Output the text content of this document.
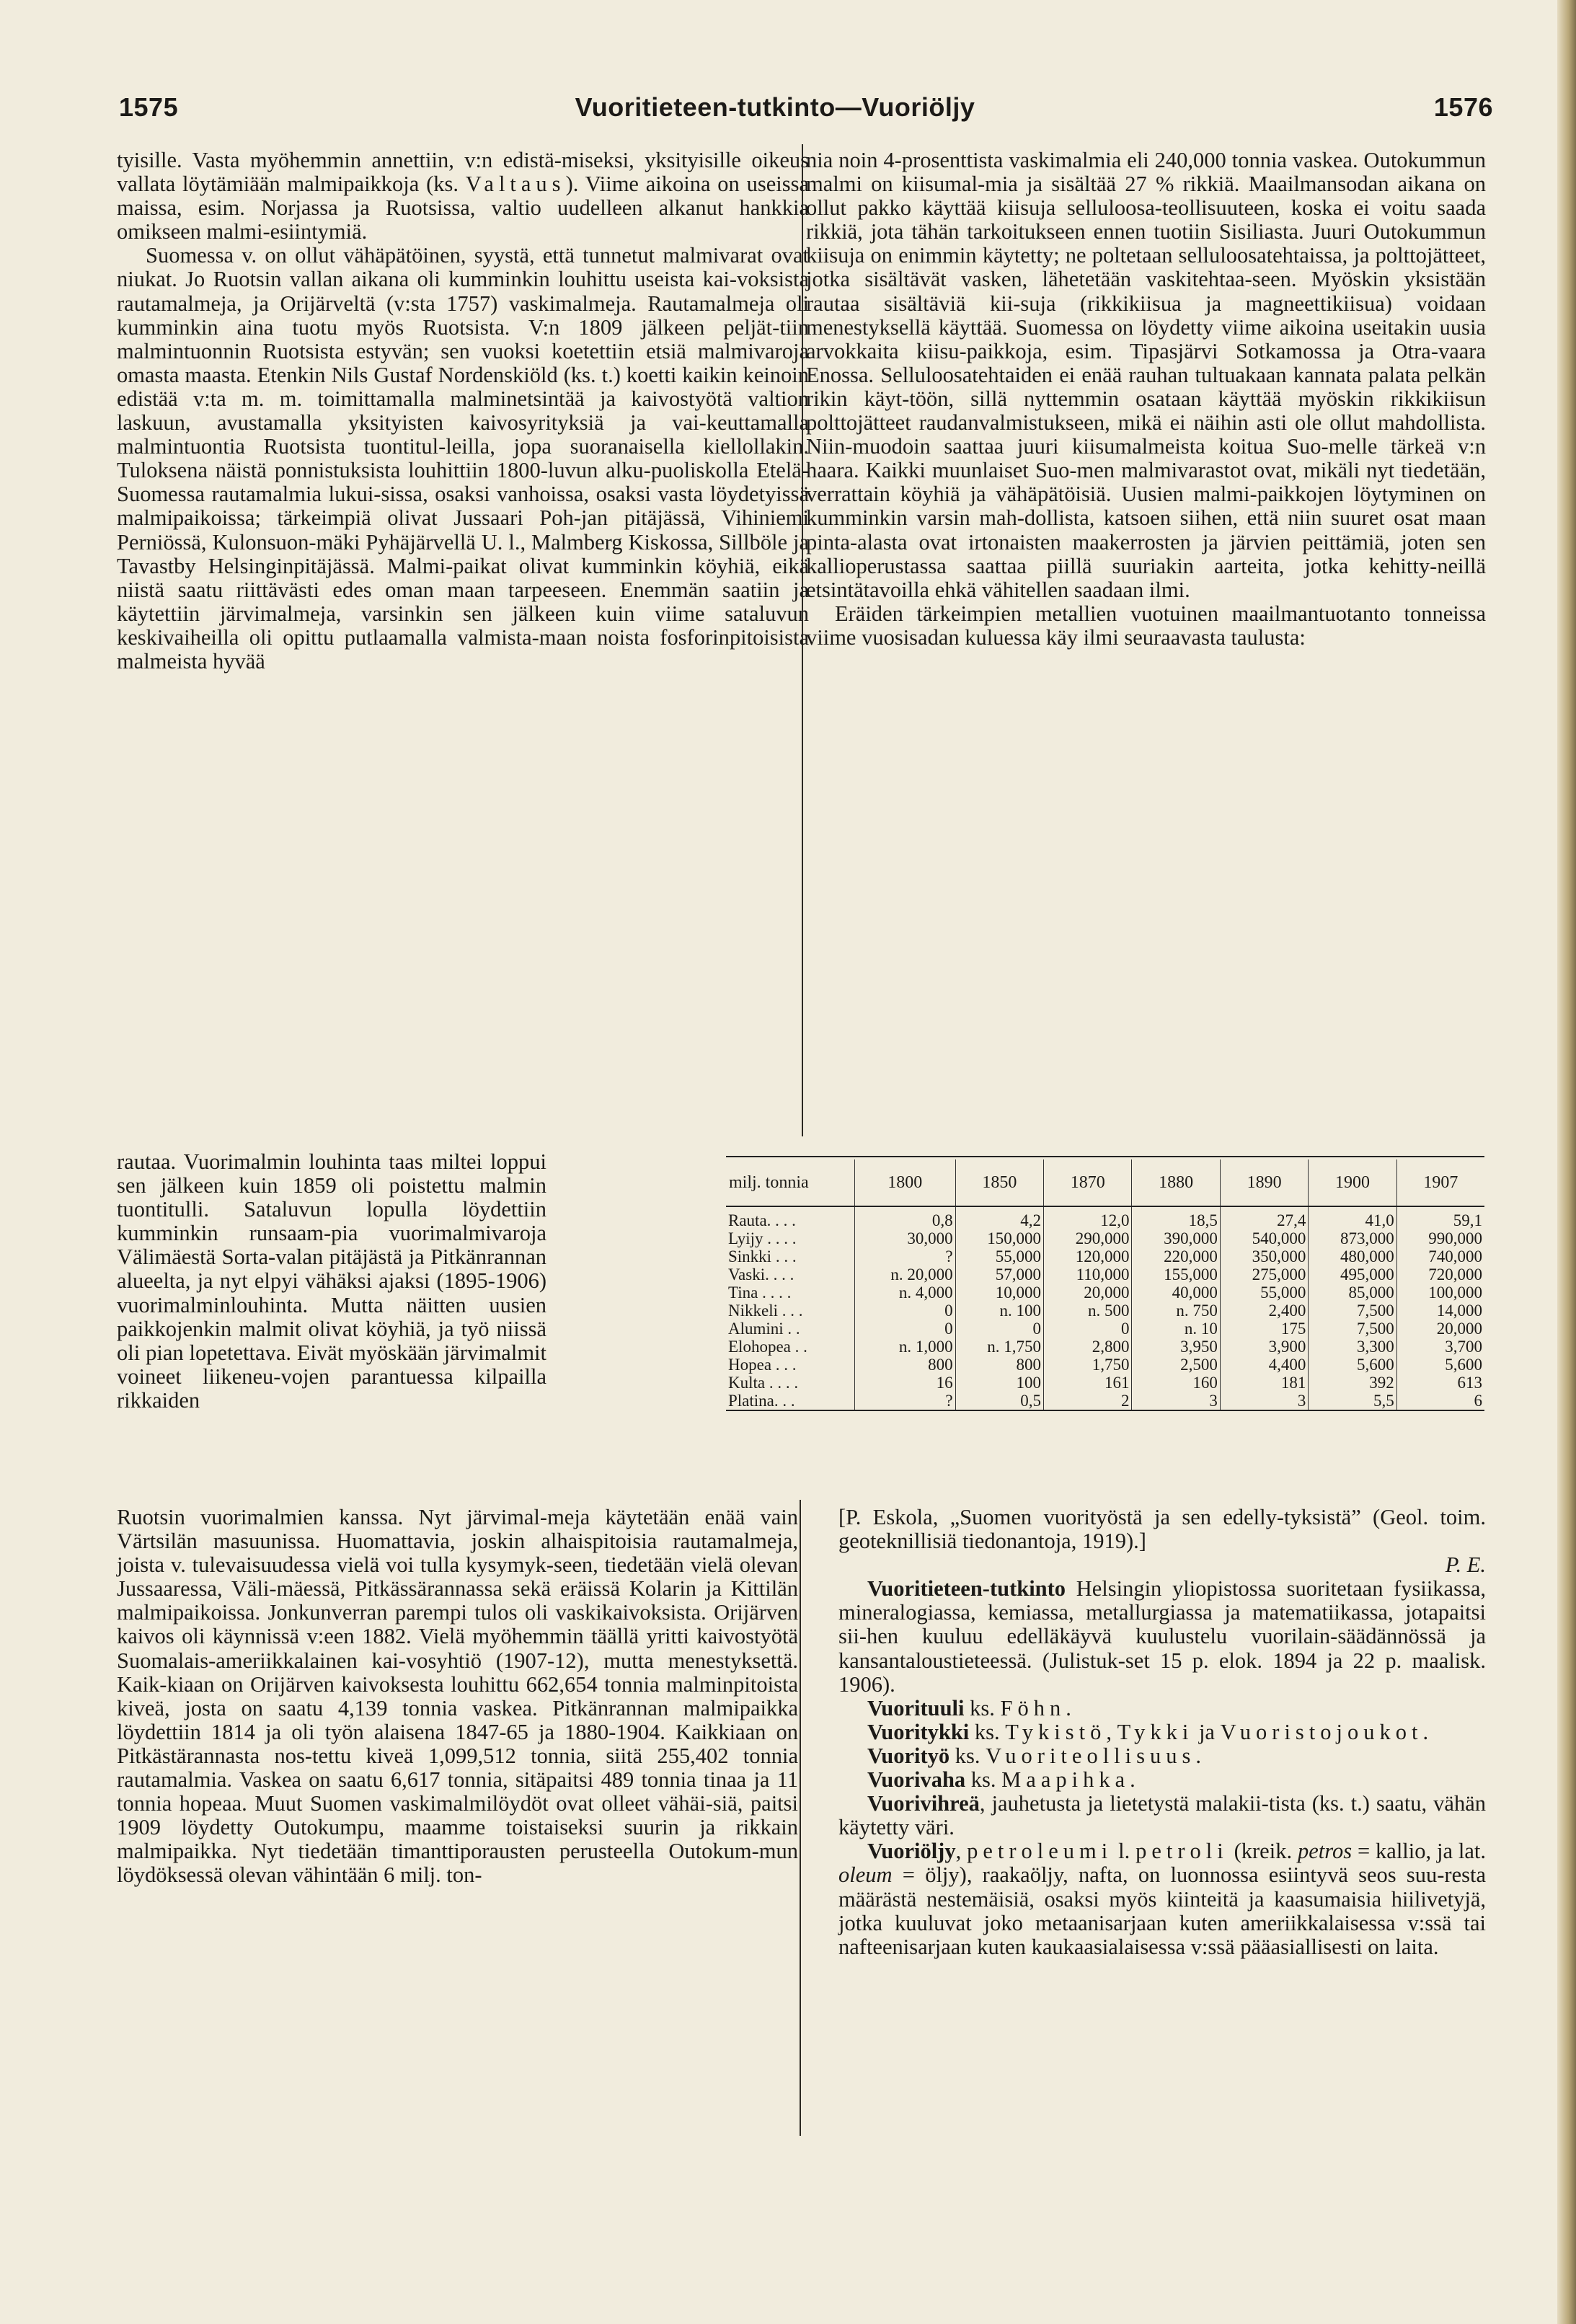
1575	Vuoritieteen-tutkinto—Vuoriöljy	1576

tyisille. Vasta myöhemmin annettiin, v:n edistä-miseksi, yksityisille oikeus vallata löytämiään malmipaikkoja (ks. Valtaus). Viime aikoina on useissa maissa, esim. Norjassa ja Ruotsissa, valtio uudelleen alkanut hankkia omikseen malmi-esiintymiä.

Suomessa v. on ollut vähäpätöinen, syystä, että tunnetut malmivarat ovat niukat. Jo Ruotsin vallan aikana oli kumminkin louhittu useista kai-voksista rautamalmeja, ja Orijärveltä (v:sta 1757) vaskimalmeja. Rautamalmeja oli kumminkin aina tuotu myös Ruotsista. V:n 1809 jälkeen peljät-tiin malmintuonnin Ruotsista estyvän; sen vuoksi koetettiin etsiä malmivaroja omasta maasta. Etenkin Nils Gustaf Nordenskiöld (ks. t.) koetti kaikin keinoin edistää v:ta m. m. toimittamalla malminetsintää ja kaivostyötä valtion laskuun, avustamalla yksityisten kaivosyrityksiä ja vai-keuttamalla malmintuontia Ruotsista tuontitul-leilla, jopa suoranaisella kiellollakin. Tuloksena näistä ponnistuksista louhittiin 1800-luvun alku-puoliskolla Etelä-Suomessa rautamalmia lukui-sissa, osaksi vanhoissa, osaksi vasta löydetyissä malmipaikoissa; tärkeimpiä olivat Jussaari Poh-jan pitäjässä, Vihiniemi Perniössä, Kulonsuon-mäki Pyhäjärvellä U. l., Malmberg Kiskossa, Sillböle ja Tavastby Helsinginpitäjässä. Malmi-paikat olivat kumminkin köyhiä, eikä niistä saatu riittävästi edes oman maan tarpeeseen. Enemmän saatiin ja käytettiin järvimalmeja, varsinkin sen jälkeen kuin viime sataluvun keskivaiheilla oli opittu putlaamalla valmista-maan noista fosforinpitoisista malmeista hyvää

rautaa. Vuorimalmin louhinta taas miltei loppui sen jälkeen kuin 1859 oli poistettu malmin tuontitulli. Sataluvun lopulla löydettiin kumminkin runsaam-pia vuorimalmivaroja Välimäestä Sorta-valan pitäjästä ja Pitkänrannan alueelta, ja nyt elpyi vähäksi ajaksi (1895-1906) vuorimalminlouhinta. Mutta näitten uusien paikkojenkin malmit olivat köyhiä, ja työ niissä oli pian lopetettava. Eivät myöskään järvimalmit voineet liikeneu-vojen parantuessa kilpailla rikkaiden

Ruotsin vuorimalmien kanssa. Nyt järvimal-meja käytetään enää vain Värtsilän masuunissa. Huomattavia, joskin alhaispitoisia rautamalmeja, joista v. tulevaisuudessa vielä voi tulla kysymyk-seen, tiedetään vielä olevan Jussaaressa, Väli-mäessä, Pitkässärannassa sekä eräissä Kolarin ja Kittilän malmipaikoissa. Jonkunverran parempi tulos oli vaskikaivoksista. Orijärven kaivos oli käynnissä v:een 1882. Vielä myöhemmin täällä yritti kaivostyötä Suomalais-ameriikkalainen kai-vosyhtiö (1907-12), mutta menestyksettä. Kaik-kiaan on Orijärven kaivoksesta louhittu 662,654 tonnia malminpitoista kiveä, josta on saatu 4,139 tonnia vaskea. Pitkänrannan malmipaikka löydettiin 1814 ja oli työn alaisena 1847-65 ja 1880-1904. Kaikkiaan on Pitkästärannasta nos-tettu kiveä 1,099,512 tonnia, siitä 255,402 tonnia rautamalmia. Vaskea on saatu 6,617 tonnia, sitäpaitsi 489 tonnia tinaa ja 11 tonnia hopeaa. Muut Suomen vaskimalmilöydöt ovat olleet vähäi-siä, paitsi 1909 löydetty Outokumpu, maamme toistaiseksi suurin ja rikkain malmipaikka. Nyt tiedetään timanttiporausten perusteella Outokum-mun löydöksessä olevan vähintään 6 milj. ton-

nia noin 4-prosenttista vaskimalmia eli 240,000 tonnia vaskea. Outokummun malmi on kiisumal-mia ja sisältää 27 % rikkiä. Maailmansodan aikana on ollut pakko käyttää kiisuja selluloosa-teollisuuteen, koska ei voitu saada rikkiä, jota tähän tarkoitukseen ennen tuotiin Sisiliasta. Juuri Outokummun kiisuja on enimmin käytetty; ne poltetaan selluloosatehtaissa, ja polttojätteet, jotka sisältävät vasken, lähetetään vaskitehtaa-seen. Myöskin yksistään rautaa sisältäviä kii-suja (rikkikiisua ja magneettikiisua) voidaan menestyksellä käyttää. Suomessa on löydetty viime aikoina useitakin uusia arvokkaita kiisu-paikkoja, esim. Tipasjärvi Sotkamossa ja Otra-vaara Enossa. Selluloosatehtaiden ei enää rauhan tultuakaan kannata palata pelkän rikin käyt-töön, sillä nyttemmin osataan käyttää myöskin rikkikiisun polttojätteet raudanvalmistukseen, mikä ei näihin asti ole ollut mahdollista. Niin-muodoin saattaa juuri kiisumalmeista koitua Suo-melle tärkeä v:n haara. Kaikki muunlaiset Suo-men malmivarastot ovat, mikäli nyt tiedetään, verrattain köyhiä ja vähäpätöisiä. Uusien malmi-paikkojen löytyminen on kumminkin varsin mah-dollista, katsoen siihen, että niin suuret osat maan pinta-alasta ovat irtonaisten maakerrosten ja järvien peittämiä, joten sen kallioperustassa saattaa piillä suuriakin aarteita, jotka kehitty-neillä etsintätavoilla ehkä vähitellen saadaan ilmi.

Eräiden tärkeimpien metallien vuotuinen maailmantuotanto tonneissa viime vuosisadan kuluessa käy ilmi seuraavasta taulusta:

milj. tonnia	1800	1850	1870	1880	1890	1900	1907
Rauta. . . .	0,8	4,2	12,0	18,5	27,4	41,0	59,1
Lyijy . . . .	30,000	150,000	290,000	390,000	540,000	873,000	990,000
Sinkki . . .	?	55,000	120,000	220,000	350,000	480,000	740,000
Vaski. . . .	n. 20,000	57,000	110,000	155,000	275,000	495,000	720,000
Tina . . . .	n. 4,000	10,000	20,000	40,000	55,000	85,000	100,000
Nikkeli . . .	0	n. 100	n. 500	n. 750	2,400	7,500	14,000
Alumini . .	0	0	0	n. 10	175	7,500	20,000
Elohopea . .	n. 1,000	n. 1,750	2,800	3,950	3,900	3,300	3,700
Hopea . . .	800	800	1,750	2,500	4,400	5,600	5,600
Kulta . . . .	16	100	161	160	181	392	613
Platina. . .	?	0,5	2	3	3	5,5	6

[P. Eskola, „Suomen vuorityöstä ja sen edelly-tyksistä” (Geol. toim. geoteknillisiä tiedonantoja, 1919).]

P. E.

Vuoritieteen-tutkinto Helsingin yliopistossa suoritetaan fysiikassa, mineralogiassa, kemiassa, metallurgiassa ja matematiikassa, jotapaitsi sii-hen kuuluu edelläkäyvä kuulustelu vuorilain-säädännössä ja kansantaloustieteessä. (Julistuk-set 15 p. elok. 1894 ja 22 p. maalisk. 1906).

Vuorituuli ks. Föhn.

Vuoritykki ks. Tykistö, Tykki ja Vuoristojoukot.

Vuorityö ks. Vuoriteollisuus.

Vuorivaha ks. Maapihka.

Vuorivihreä, jauhetusta ja lietetystä malakii-tista (ks. t.) saatu, vähän käytetty väri.

Vuoriöljy, petroleumi l. petroli (kreik. petros = kallio, ja lat. oleum = öljy), raakaöljy, nafta, on luonnossa esiintyvä seos suu-resta määrästä nestemäisiä, osaksi myös kiinteitä ja kaasumaisia hiilivetyjä, jotka kuuluvat joko metaanisarjaan kuten ameriikkalaisessa v:ssä tai nafteenisarjaan kuten kaukaasialaisessa v:ssä pääasiallisesti on laita.
